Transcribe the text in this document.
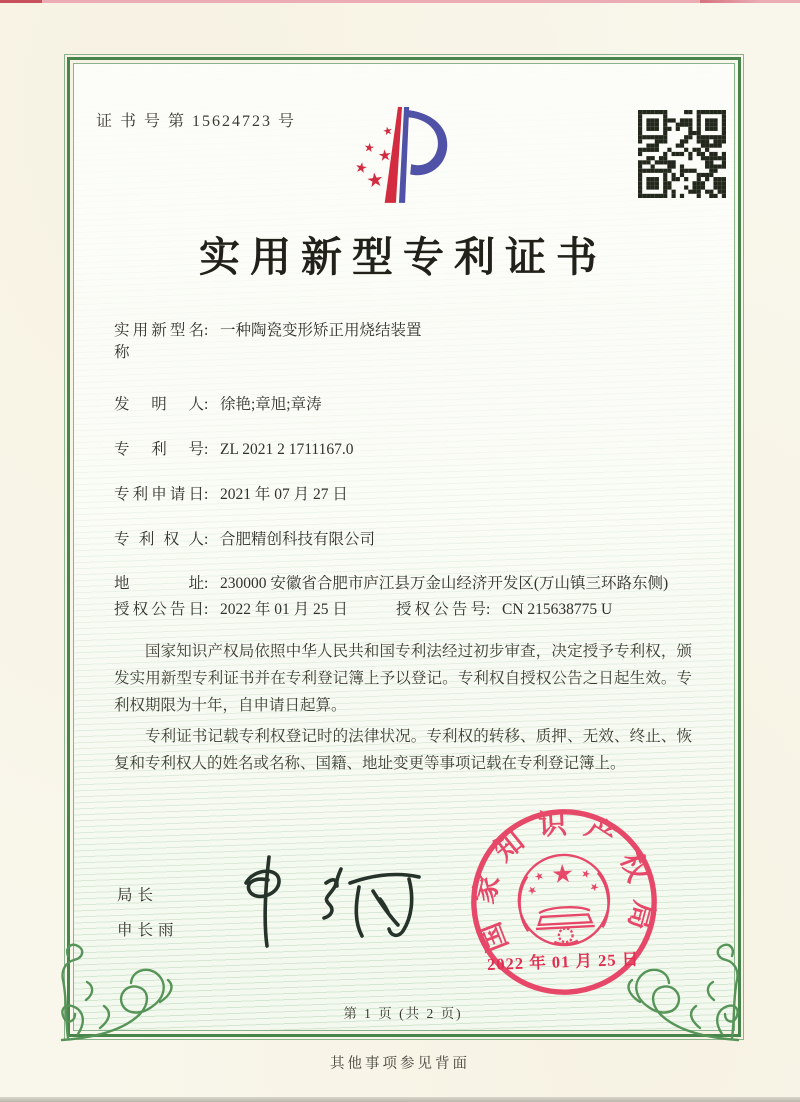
证 书 号 第 15624723 号
★
★ ★
★
★
实用新型专利证书
实用新型名称
: 一种陶瓷变形矫正用烧结装置
发明人 : 徐艳;章旭;章涛
专利号 : ZL 2021 2 1711167.0
专利申请日 : 2021 年 07 月 27 日
专利权人 : 合肥精创科技有限公司
地址 : 230000 安徽省合肥市庐江县万金山经济开发区(万山镇三环路东侧)
授权公告日 : 2022 年 01 月 25 日	授权公告号 : CN 215638775 U

国家知识产权局依照中华人民共和国专利法经过初步审查，决定授予专利权，颁发实用新型专利证书并在专利登记簿上予以登记。专利权自授权公告之日起生效。专利权期限为十年，自申请日起算。

专利证书记载专利权登记时的法律状况。专利权的转移、质押、无效、终止、恢复和专利权人的姓名或名称、国籍、地址变更等事项记载在专利登记簿上。

局长
申长雨	国家知识产权局
★
★
★
★
★
2022 年 01 月 25 日
第 1 页 (共 2 页)
其他事项参见背面
